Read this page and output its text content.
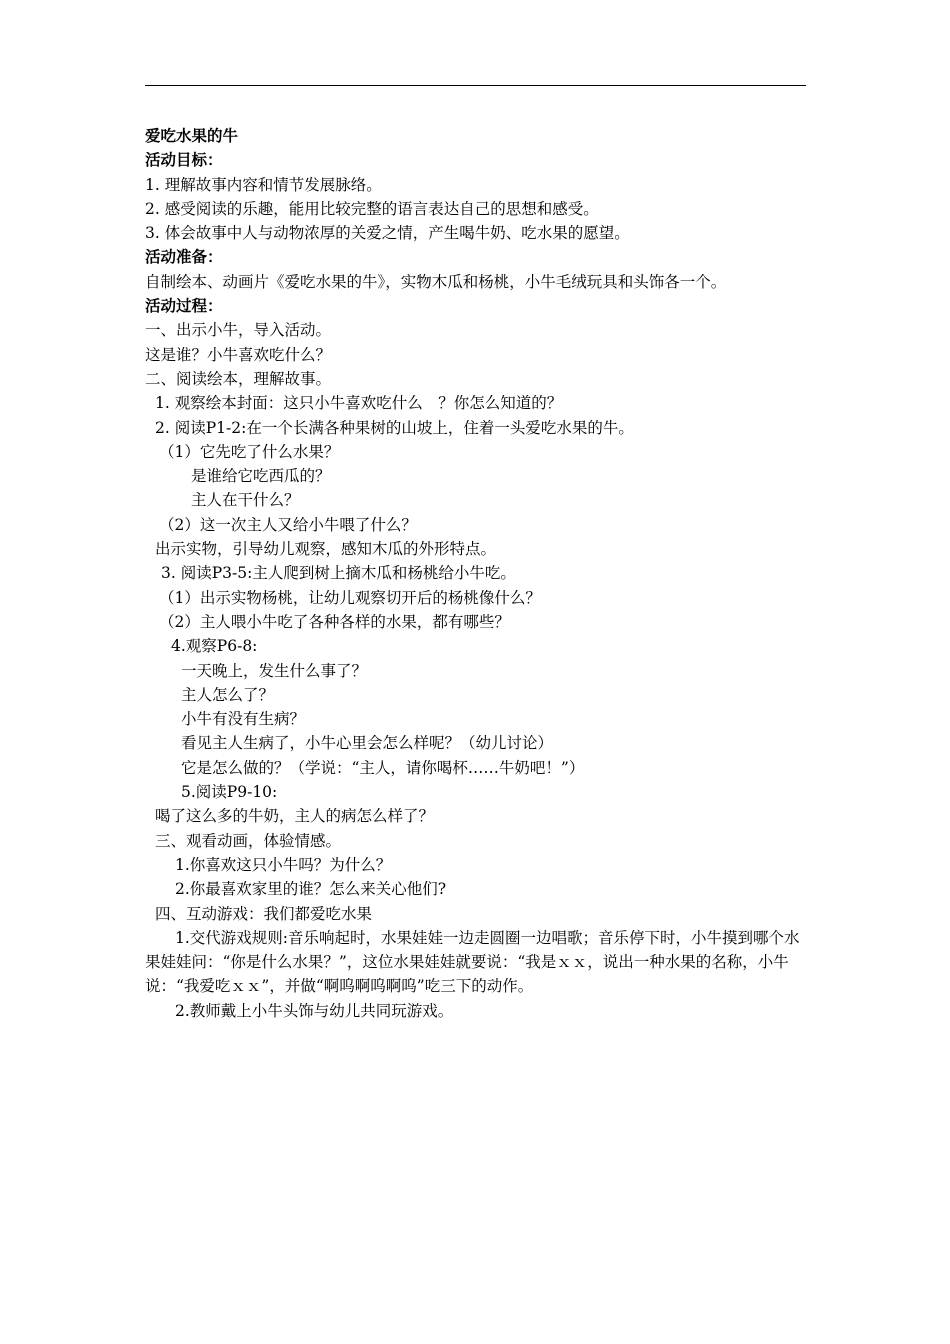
爱吃水果的牛
活动目标：
1. 理解故事内容和情节发展脉络。
2. 感受阅读的乐趣，能用比较完整的语言表达自己的思想和感受。
3. 体会故事中人与动物浓厚的关爱之情，产生喝牛奶、吃水果的愿望。
活动准备：
自制绘本、动画片《爱吃水果的牛》，实物木瓜和杨桃，小牛毛绒玩具和头饰各一个。
活动过程：
一、出示小牛，导入活动。
这是谁？小牛喜欢吃什么？
二、阅读绘本，理解故事。
1. 观察绘本封面：这只小牛喜欢吃什么　？你怎么知道的？
2. 阅读P1-2:在一个长满各种果树的山坡上，住着一头爱吃水果的牛。
（1）它先吃了什么水果？
是谁给它吃西瓜的？
主人在干什么？
（2）这一次主人又给小牛喂了什么？
出示实物，引导幼儿观察，感知木瓜的外形特点。
3. 阅读P3-5:主人爬到树上摘木瓜和杨桃给小牛吃。
（1）出示实物杨桃，让幼儿观察切开后的杨桃像什么？
（2）主人喂小牛吃了各种各样的水果，都有哪些？
4.观察P6-8:
一天晚上，发生什么事了？
主人怎么了？
小牛有没有生病？
看见主人生病了，小牛心里会怎么样呢？（幼儿讨论）
它是怎么做的？（学说：“主人，请你喝杯……牛奶吧！”）
5.阅读P9-10:
喝了这么多的牛奶，主人的病怎么样了？
三、观看动画，体验情感。
1.你喜欢这只小牛吗？为什么？
2.你最喜欢家里的谁？怎么来关心他们?
四、互动游戏：我们都爱吃水果
1.交代游戏规则:音乐响起时，水果娃娃一边走圆圈一边唱歌；音乐停下时，小牛摸到哪个水果娃娃问：“你是什么水果？”，这位水果娃娃就要说：“我是ｘｘ，说出一种水果的名称，小牛说：“我爱吃ｘｘ”，并做“啊呜啊呜啊呜”吃三下的动作。
2.教师戴上小牛头饰与幼儿共同玩游戏。
